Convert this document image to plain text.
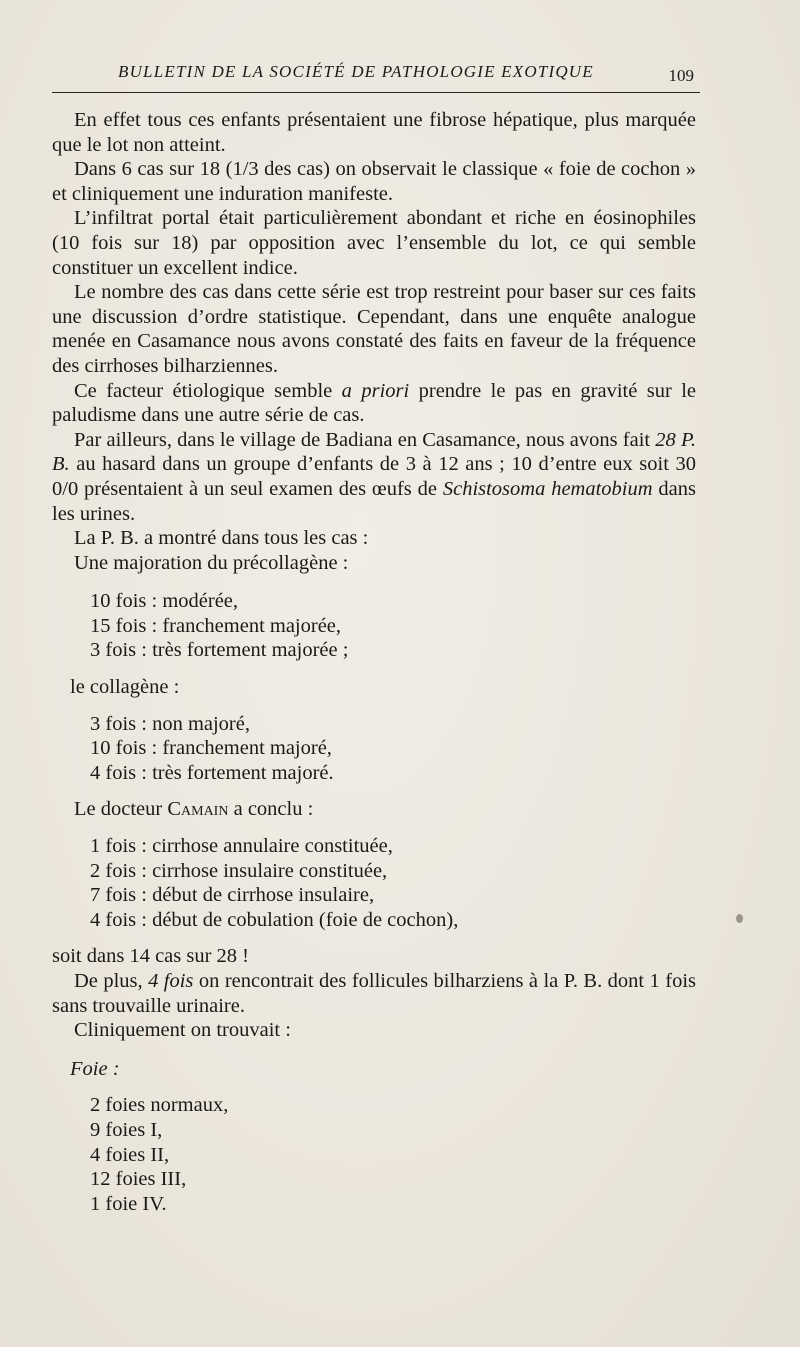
BULLETIN DE LA SOCIÉTÉ DE PATHOLOGIE EXOTIQUE	109

En effet tous ces enfants présentaient une fibrose hépatique, plus marquée que le lot non atteint.

Dans 6 cas sur 18 (1/3 des cas) on observait le classique « foie de cochon » et cliniquement une induration manifeste.

L’infiltrat portal était particulièrement abondant et riche en éosinophiles (10 fois sur 18) par opposition avec l’ensemble du lot, ce qui semble constituer un excellent indice.

Le nombre des cas dans cette série est trop restreint pour baser sur ces faits une discussion d’ordre statistique. Cependant, dans une enquête analogue menée en Casamance nous avons constaté des faits en faveur de la fréquence des cirrhoses bilharziennes.

Ce facteur étiologique semble a priori prendre le pas en gravité sur le paludisme dans une autre série de cas.

Par ailleurs, dans le village de Badiana en Casamance, nous avons fait 28 P. B. au hasard dans un groupe d’enfants de 3 à 12 ans ; 10 d’entre eux soit 30 0/0 présentaient à un seul examen des œufs de Schistosoma hematobium dans les urines.

La P. B. a montré dans tous les cas :

Une majoration du précollagène :

10 fois : modérée,
15 fois : franchement majorée,
3 fois : très fortement majorée ;

le collagène :

3 fois : non majoré,
10 fois : franchement majoré,
4 fois : très fortement majoré.

Le docteur Camain a conclu :

1 fois : cirrhose annulaire constituée,
2 fois : cirrhose insulaire constituée,
7 fois : début de cirrhose insulaire,
4 fois : début de cobulation (foie de cochon),

soit dans 14 cas sur 28 !

De plus, 4 fois on rencontrait des follicules bilharziens à la P. B. dont 1 fois sans trouvaille urinaire.

Cliniquement on trouvait :

Foie :
2 foies normaux,
9 foies I,
4 foies II,
12 foies III,
1 foie IV.
